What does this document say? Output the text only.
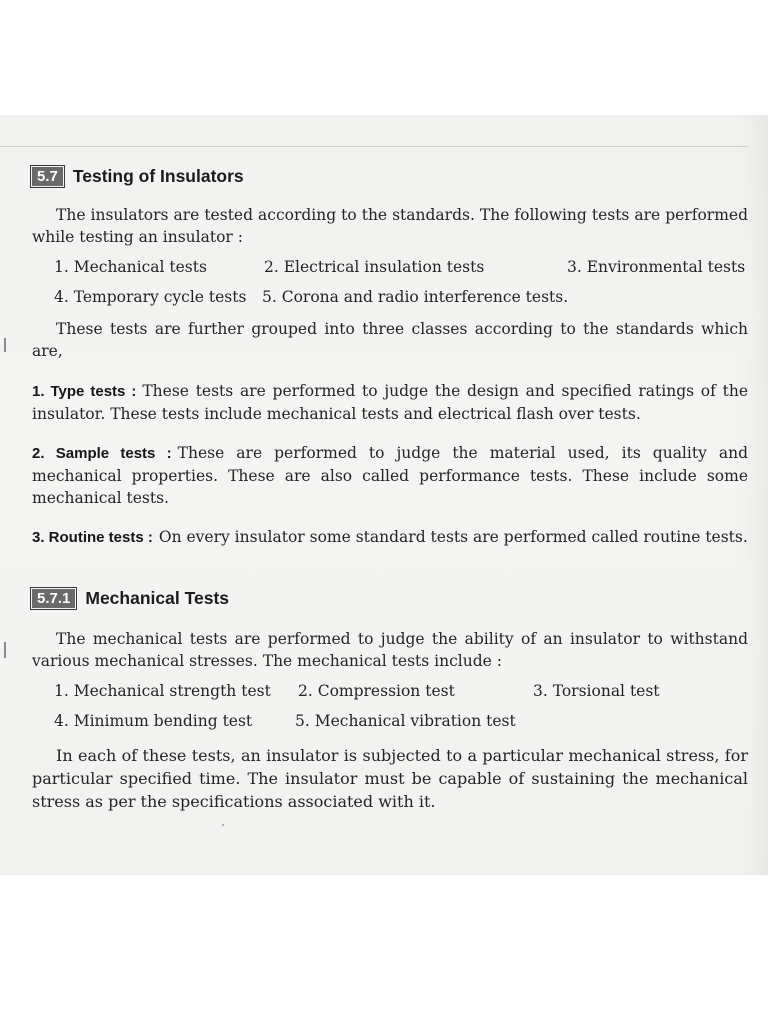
5.7 Testing of Insulators
The insulators are tested according to the standards. The following tests are performed while testing an insulator :
1. Mechanical tests	2. Electrical insulation tests	3. Environmental tests
4. Temporary cycle tests 5. Corona and radio interference tests.
These tests are further grouped into three classes according to the standards which are,
1. Type tests : These tests are performed to judge the design and specified ratings of the insulator. These tests include mechanical tests and electrical flash over tests.
2. Sample tests : These are performed to judge the material used, its quality and mechanical properties. These are also called performance tests. These include some mechanical tests.
3. Routine tests : On every insulator some standard tests are performed called routine tests.
5.7.1 Mechanical Tests
The mechanical tests are performed to judge the ability of an insulator to withstand various mechanical stresses. The mechanical tests include :
1. Mechanical strength test 2. Compression test	3. Torsional test
4. Minimum bending test	5. Mechanical vibration test
In each of these tests, an insulator is subjected to a particular mechanical stress, for particular specified time. The insulator must be capable of sustaining the mechanical stress as per the specifications associated with it.
